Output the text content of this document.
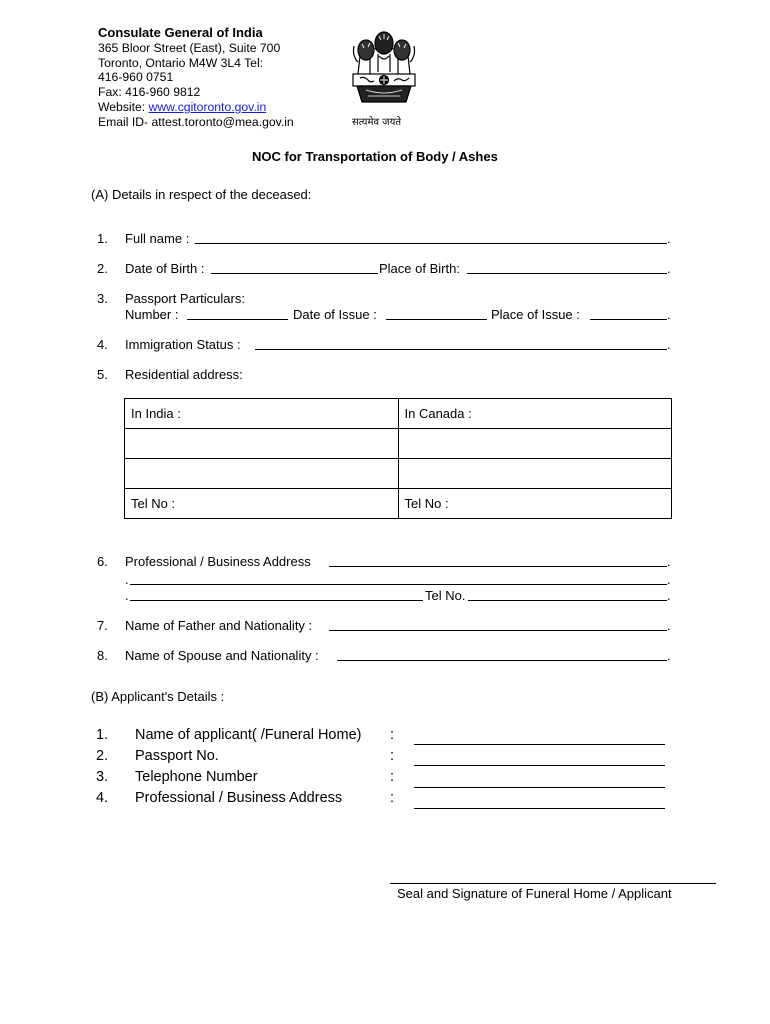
Consulate General of India
365 Bloor Street (East), Suite 700
Toronto, Ontario M4W 3L4 Tel:
416-960 0751
Fax: 416-960 9812
Website: www.cgitoronto.gov.in
Email ID- attest.toronto@mea.gov.in	सत्यमेव जयते
NOC for Transportation of Body / Ashes
(A) Details in respect of the deceased:
1. Full name :	.
2. Date of Birth :	Place of Birth:	.
3. Passport Particulars:
Number :	Date of Issue :	Place of Issue :	.
4. Immigration Status :	.
5. Residential address:
In India :	In Canada :

Tel No :	Tel No :
6. Professional / Business Address	.
.	.
.	Tel No.	.
7. Name of Father and Nationality :	.
8. Name of Spouse and Nationality :	.
(B) Applicant's Details :
1. Name of applicant( /Funeral Home) :
2. Passport No.	:
3. Telephone Number	:
4. Professional / Business Address	:
Seal and Signature of Funeral Home / Applicant
